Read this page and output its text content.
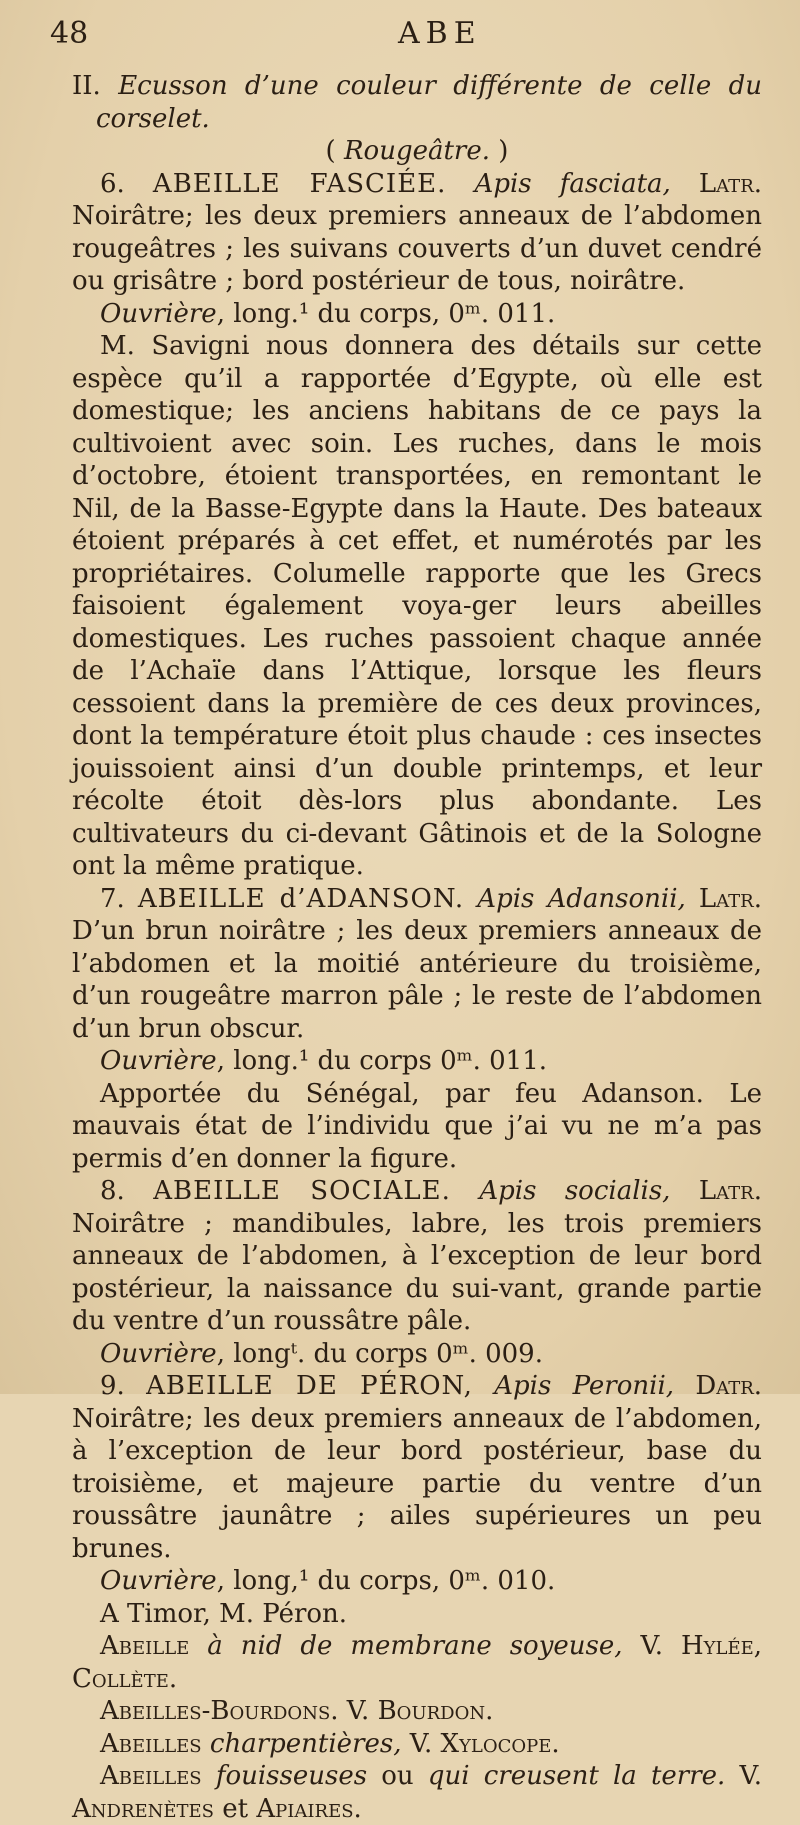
48	ABE

II. Ecusson d’une couleur différente de celle du corselet.

( Rougeâtre. )

6. ABEILLE FASCIÉE. Apis fasciata, Latr. Noirâtre; les deux premiers anneaux de l’abdomen rougeâtres ; les suivans couverts d’un duvet cendré ou grisâtre ; bord postérieur de tous, noirâtre.

Ouvrière, long.¹ du corps, 0ᵐ. 011.

M. Savigni nous donnera des détails sur cette espèce qu’il a rapportée d’Egypte, où elle est domestique; les anciens habitans de ce pays la cultivoient avec soin. Les ruches, dans le mois d’octobre, étoient transportées, en remontant le Nil, de la Basse-Egypte dans la Haute. Des bateaux étoient préparés à cet effet, et numérotés par les propriétaires. Columelle rapporte que les Grecs faisoient également voya-ger leurs abeilles domestiques. Les ruches passoient chaque année de l’Achaïe dans l’Attique, lorsque les fleurs cessoient dans la première de ces deux provinces, dont la température étoit plus chaude : ces insectes jouissoient ainsi d’un double printemps, et leur récolte étoit dès-lors plus abondante. Les cultivateurs du ci-devant Gâtinois et de la Sologne ont la même pratique.

7. ABEILLE d’ADANSON. Apis Adansonii, Latr. D’un brun noirâtre ; les deux premiers anneaux de l’abdomen et la moitié antérieure du troisième, d’un rougeâtre marron pâle ; le reste de l’abdomen d’un brun obscur.

Ouvrière, long.¹ du corps 0ᵐ. 011.

Apportée du Sénégal, par feu Adanson. Le mauvais état de l’individu que j’ai vu ne m’a pas permis d’en donner la figure.

8. ABEILLE SOCIALE. Apis socialis, Latr. Noirâtre ; mandibules, labre, les trois premiers anneaux de l’abdomen, à l’exception de leur bord postérieur, la naissance du sui-vant, grande partie du ventre d’un roussâtre pâle.

Ouvrière, longᵗ. du corps 0ᵐ. 009.

9. ABEILLE DE PÉRON, Apis Peronii, Datr. Noirâtre; les deux premiers anneaux de l’abdomen, à l’exception de leur bord postérieur, base du troisième, et majeure partie du ventre d’un roussâtre jaunâtre ; ailes supérieures un peu brunes.

Ouvrière, long,¹ du corps, 0ᵐ. 010.

A Timor, M. Péron.

Abeille à nid de membrane soyeuse, V. Hylée, Collète.

Abeilles-Bourdons. V. Bourdon.

Abeilles charpentières, V. Xylocope.

Abeilles fouisseuses ou qui creusent la terre. V. Andrenètes et Apiaires.
